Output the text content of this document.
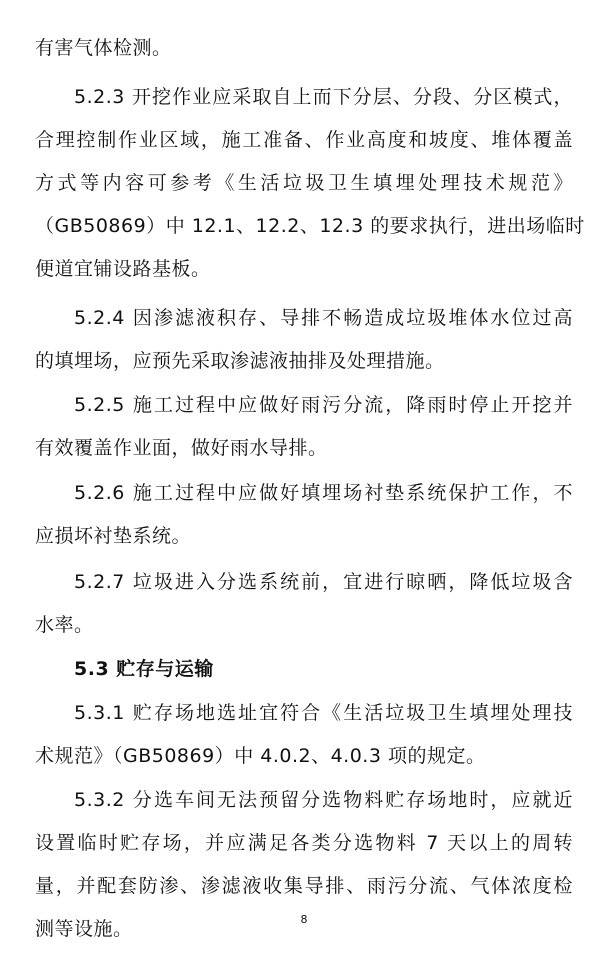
有害气体检测。
5.2.3 开挖作业应采取自上而下分层、分段、分区模式，
合理控制作业区域，施工准备、作业高度和坡度、堆体覆盖
方式等内容可参考《生活垃圾卫生填埋处理技术规范》
（GB50869）中 12.1、12.2、12.3 的要求执行，进出场临时
便道宜铺设路基板。
5.2.4 因渗滤液积存、导排不畅造成垃圾堆体水位过高
的填埋场，应预先采取渗滤液抽排及处理措施。
5.2.5 施工过程中应做好雨污分流，降雨时停止开挖并
有效覆盖作业面，做好雨水导排。
5.2.6 施工过程中应做好填埋场衬垫系统保护工作，不
应损坏衬垫系统。
5.2.7 垃圾进入分选系统前，宜进行晾晒，降低垃圾含
水率。
5.3 贮存与运输
5.3.1 贮存场地选址宜符合《生活垃圾卫生填埋处理技
术规范》（GB50869）中 4.0.2、4.0.3 项的规定。
5.3.2 分选车间无法预留分选物料贮存场地时，应就近
设置临时贮存场，并应满足各类分选物料 7 天以上的周转
量，并配套防渗、渗滤液收集导排、雨污分流、气体浓度检
测等设施。	8
